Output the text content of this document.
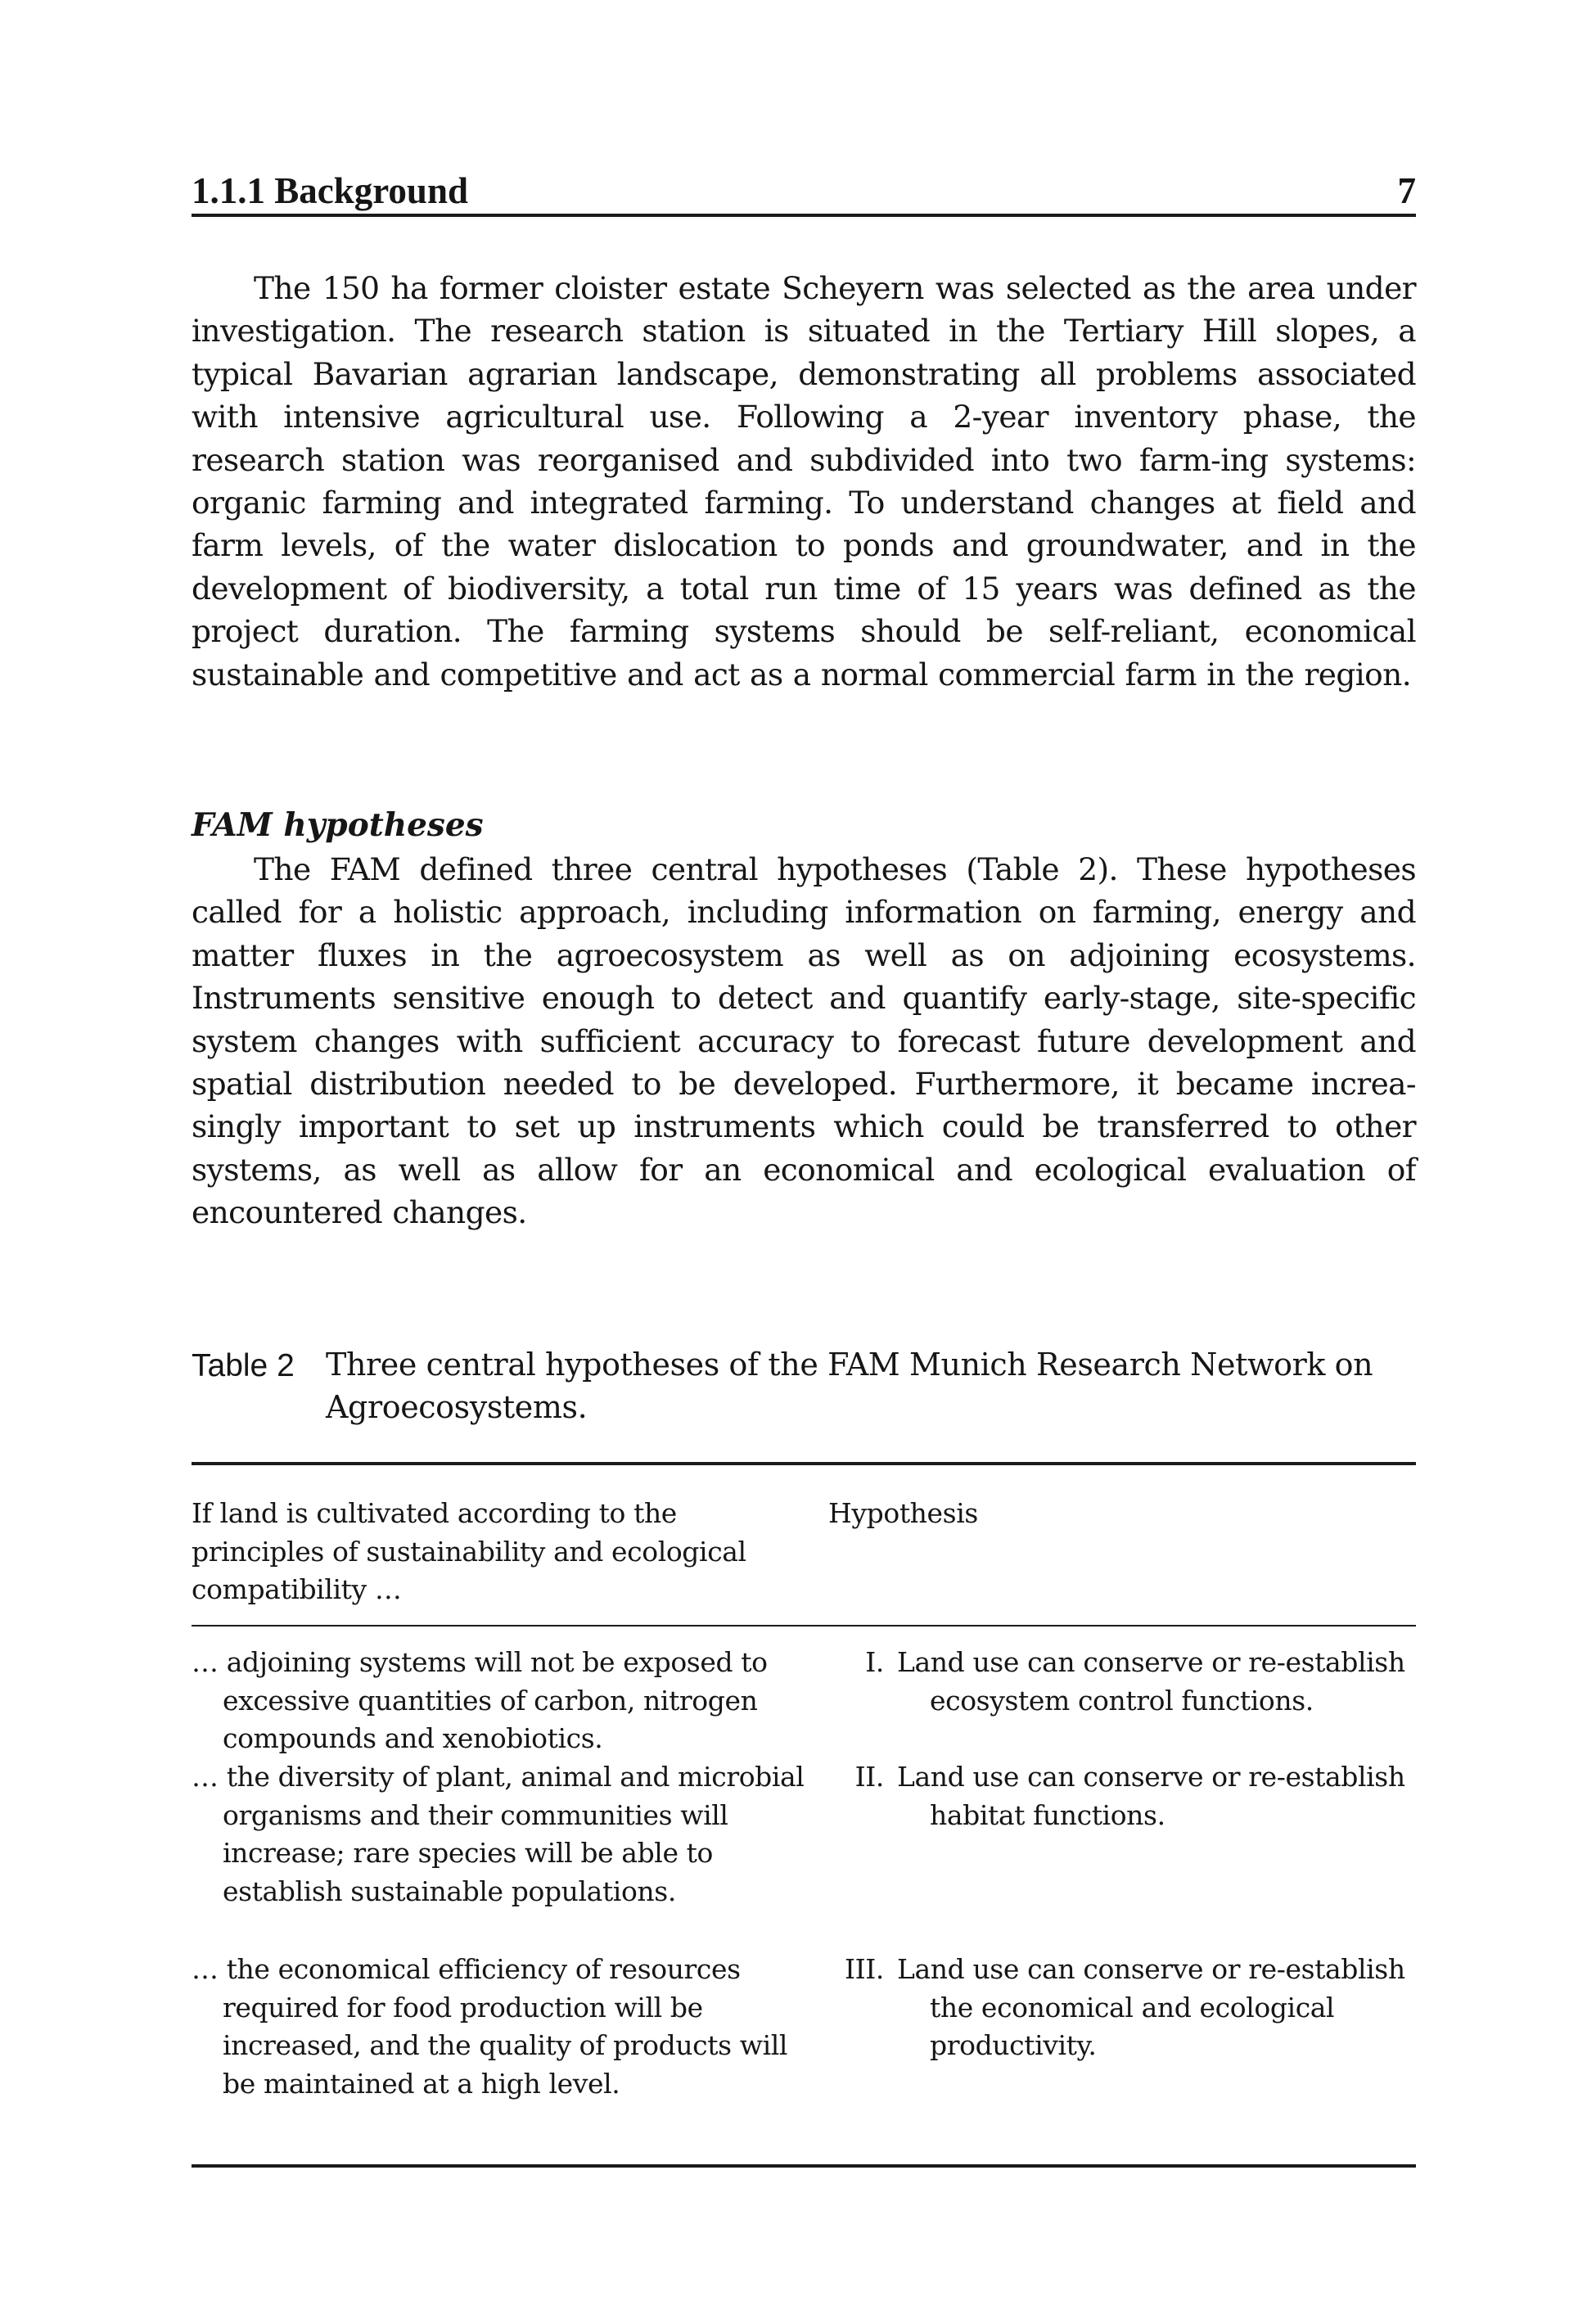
1.1.1 Background	7

The 150 ha former cloister estate Scheyern was selected as the area under investigation. The research station is situated in the Tertiary Hill slopes, a typical Bavarian agrarian landscape, demonstrating all problems associated with intensive agricultural use. Following a 2-year inventory phase, the research station was reorganised and subdivided into two farm-ing systems: organic farming and integrated farming. To understand changes at field and farm levels, of the water dislocation to ponds and groundwater, and in the development of biodiversity, a total run time of 15 years was defined as the project duration. The farming systems should be self-reliant, economical sustainable and competitive and act as a normal commercial farm in the region.

FAM hypotheses

The FAM defined three central hypotheses (Table 2). These hypotheses called for a holistic approach, including information on farming, energy and matter fluxes in the agroecosystem as well as on adjoining ecosystems. Instruments sensitive enough to detect and quantify early-stage, site-specific system changes with sufficient accuracy to forecast future development and spatial distribution needed to be developed. Furthermore, it became increa-singly important to set up instruments which could be transferred to other systems, as well as allow for an economical and ecological evaluation of encountered changes.

Table 2 Three central hypotheses of the FAM Munich Research Network on Agroecosystems.
If land is cultivated according to the principles of sustainability and ecological compatibility …
Hypothesis
… adjoining systems will not be exposed to excessive quantities of carbon, nitrogen compounds and xenobiotics.
I. Land use can conserve or re-establish ecosystem control functions.
… the diversity of plant, animal and microbial organisms and their communities will increase; rare species will be able to establish sustainable populations.
II. Land use can conserve or re-establish habitat functions.
… the economical efficiency of resources required for food production will be increased, and the quality of products will be maintained at a high level.
III. Land use can conserve or re-establish the economical and ecological productivity.
